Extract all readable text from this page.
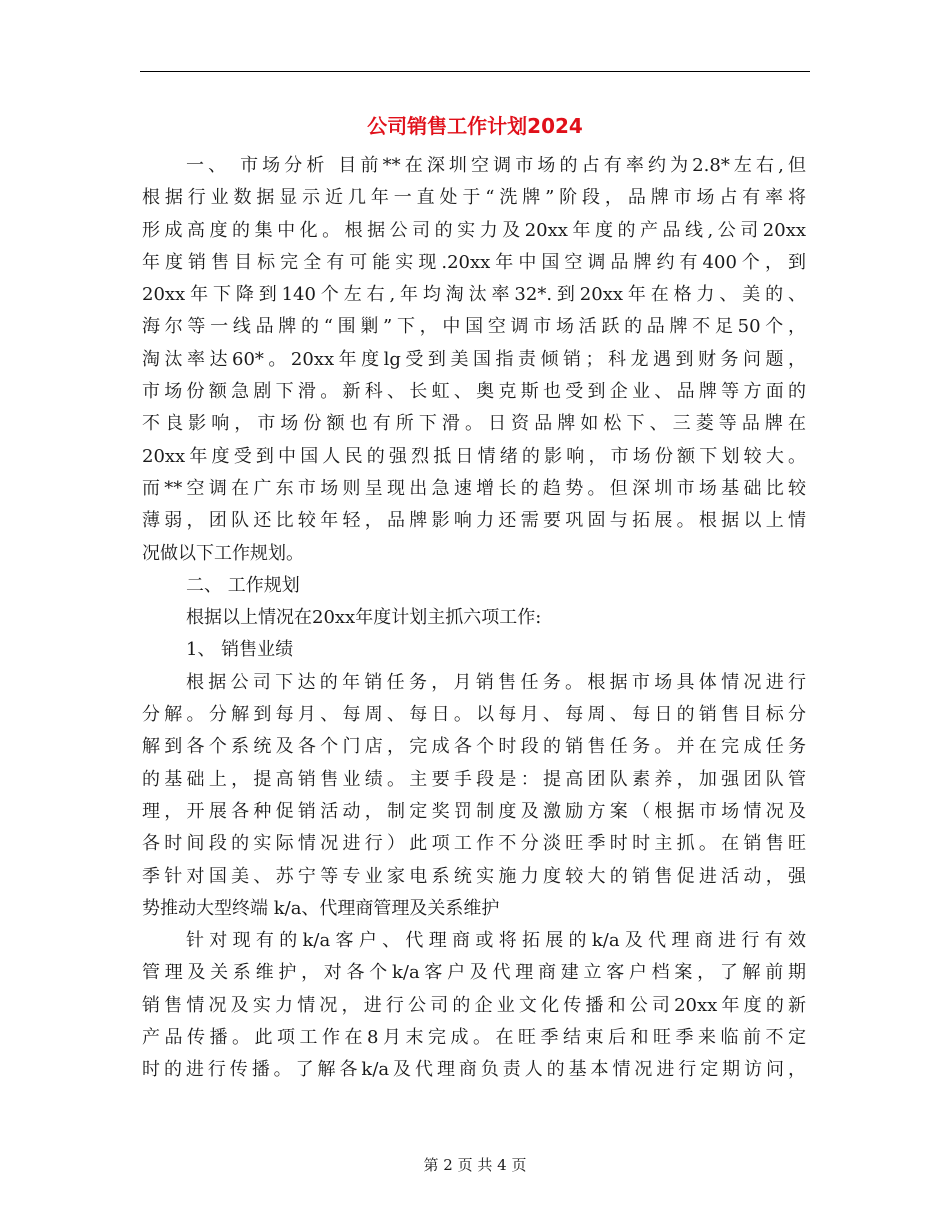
公司销售工作计划2024
一、 市场分析 目前**在深圳空调市场的占有率约为2.8*左右,但
根据行业数据显示近几年一直处于“洗牌”阶段，品牌市场占有率将
形成高度的集中化。根据公司的实力及20xx年度的产品线,公司20xx
年度销售目标完全有可能实现.20xx年中国空调品牌约有400个，到
20xx年下降到140个左右,年均淘汰率32*.到20xx年在格力、美的、
海尔等一线品牌的“围剿”下，中国空调市场活跃的品牌不足50个，
淘汰率达60*。20xx年度lg受到美国指责倾销；科龙遇到财务问题，
市场份额急剧下滑。新科、长虹、奥克斯也受到企业、品牌等方面的
不良影响，市场份额也有所下滑。日资品牌如松下、三菱等品牌在
20xx年度受到中国人民的强烈抵日情绪的影响，市场份额下划较大。
而**空调在广东市场则呈现出急速增长的趋势。但深圳市场基础比较
薄弱，团队还比较年轻，品牌影响力还需要巩固与拓展。根据以上情
况做以下工作规划。
二、 工作规划
根据以上情况在20xx年度计划主抓六项工作:
1、 销售业绩
根据公司下达的年销任务，月销售任务。根据市场具体情况进行
分解。分解到每月、每周、每日。以每月、每周、每日的销售目标分
解到各个系统及各个门店，完成各个时段的销售任务。并在完成任务
的基础上，提高销售业绩。主要手段是：提高团队素养，加强团队管
理，开展各种促销活动，制定奖罚制度及激励方案（根据市场情况及
各时间段的实际情况进行）此项工作不分淡旺季时时主抓。在销售旺
季针对国美、苏宁等专业家电系统实施力度较大的销售促进活动，强
势推动大型终端 k/a、代理商管理及关系维护
针对现有的k/a客户、代理商或将拓展的k/a及代理商进行有效
管理及关系维护，对各个k/a客户及代理商建立客户档案，了解前期
销售情况及实力情况，进行公司的企业文化传播和公司20xx年度的新
产品传播。此项工作在8月末完成。在旺季结束后和旺季来临前不定
时的进行传播。了解各k/a及代理商负责人的基本情况进行定期访问，
第 2 页 共 4 页
